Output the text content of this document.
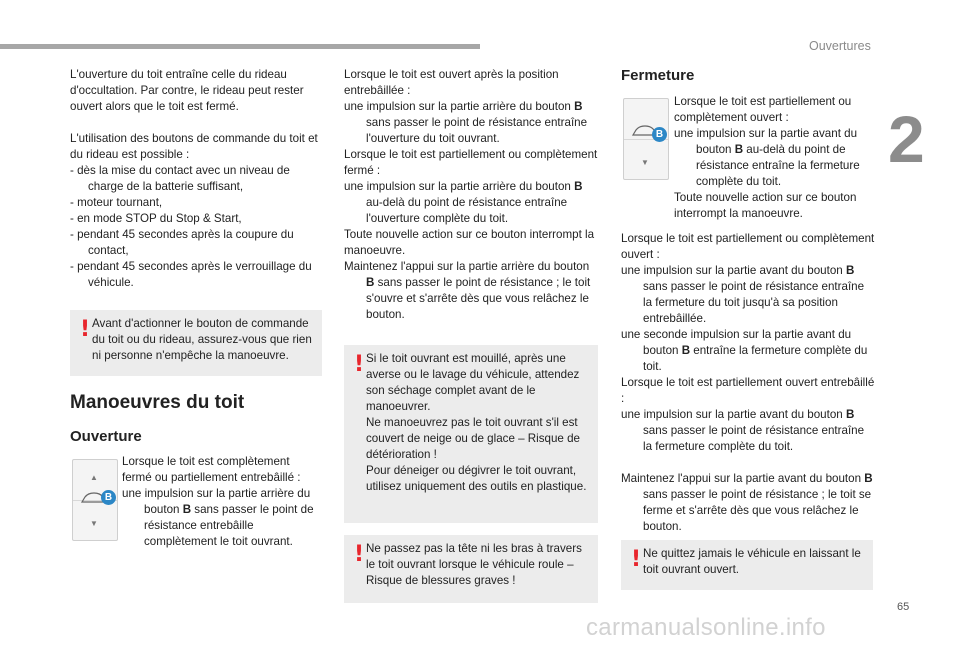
Ouvertures
2

L'ouverture du toit entraîne celle du rideau d'occultation. Par contre, le rideau peut rester ouvert alors que le toit est fermé.

L'utilisation des boutons de commande du toit et du rideau est possible :

- dès la mise du contact avec un niveau de charge de la batterie suffisant,

- moteur tournant,

- en mode STOP du Stop & Start,

- pendant 45 secondes après la coupure du contact,

- pendant 45 secondes après le verrouillage du véhicule.

! Avant d'actionner le bouton de commande du toit ou du rideau, assurez-vous que rien ni personne n'empêche la manoeuvre.
Manoeuvres du toit
Ouverture
▲
▼
B

Lorsque le toit est complètement fermé ou partiellement entrebâillé :

une impulsion sur la partie arrière du bouton B sans passer le point de résistance entrebâille complètement le toit ouvrant.

Lorsque le toit est ouvert après la position entrebâillée :

une impulsion sur la partie arrière du bouton B sans passer le point de résistance entraîne l'ouverture du toit ouvrant.

Lorsque le toit est partiellement ou complètement fermé :

une impulsion sur la partie arrière du bouton B au-delà du point de résistance entraîne l'ouverture complète du toit.

Toute nouvelle action sur ce bouton interrompt la manoeuvre.

Maintenez l'appui sur la partie arrière du bouton B sans passer le point de résistance ; le toit s'ouvre et s'arrête dès que vous relâchez le bouton.

! Si le toit ouvrant est mouillé, après une averse ou le lavage du véhicule, attendez son séchage complet avant de le manoeuvrer.
Ne manoeuvrez pas le toit ouvrant s'il est couvert de neige ou de glace – Risque de détérioration !
Pour déneiger ou dégivrer le toit ouvrant, utilisez uniquement des outils en plastique.
! Ne passez pas la tête ni les bras à travers le toit ouvrant lorsque le véhicule roule – Risque de blessures graves !
Fermeture
▼
B

Lorsque le toit est partiellement ou complètement ouvert :

une impulsion sur la partie avant du bouton B au-delà du point de résistance entraîne la fermeture complète du toit.

Toute nouvelle action sur ce bouton interrompt la manoeuvre.

Lorsque le toit est partiellement ou complètement ouvert :

une impulsion sur la partie avant du bouton B sans passer le point de résistance entraîne la fermeture du toit jusqu'à sa position entrebâillée.

une seconde impulsion sur la partie avant du bouton B entraîne la fermeture complète du toit.

Lorsque le toit est partiellement ouvert entrebâillé :

une impulsion sur la partie avant du bouton B sans passer le point de résistance entraîne la fermeture complète du toit.

Maintenez l'appui sur la partie avant du bouton B sans passer le point de résistance ; le toit se ferme et s'arrête dès que vous relâchez le bouton.

! Ne quittez jamais le véhicule en laissant le toit ouvrant ouvert.
65
carmanualsonline.info
